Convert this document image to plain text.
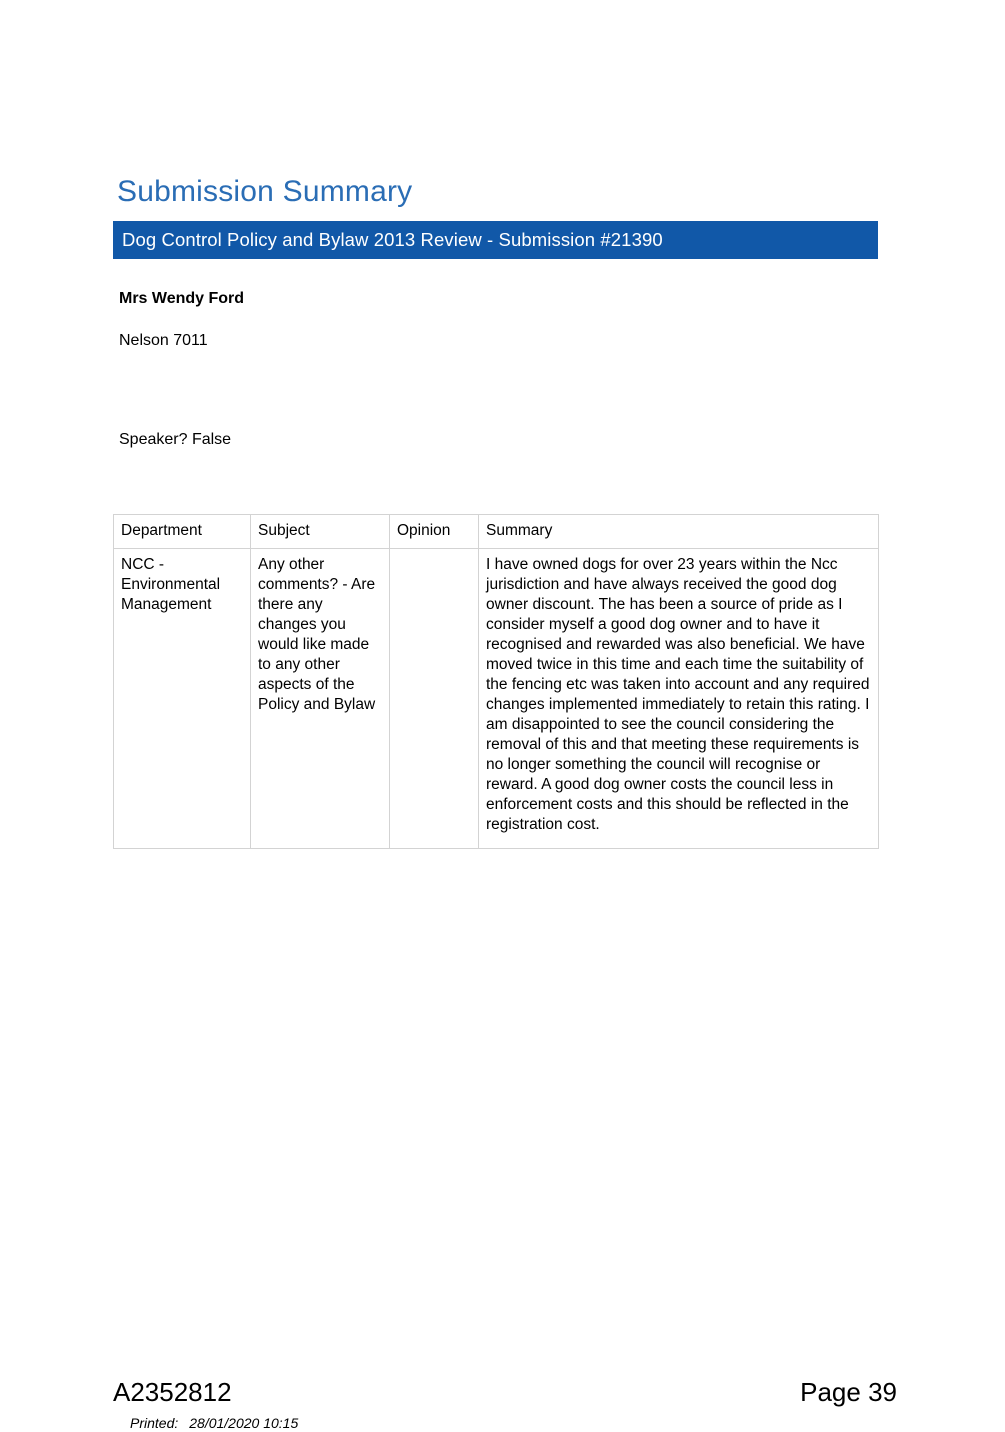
Submission Summary
Dog Control Policy and Bylaw 2013 Review - Submission #21390
Mrs Wendy Ford
Nelson 7011
Speaker? False
Department	Subject	Opinion	Summary
NCC - Environmental Management	Any other comments? - Are there any changes you would like made to any other aspects of the Policy and Bylaw		I have owned dogs for over 23 years within the Ncc jurisdiction and have always received the good dog owner discount. The has been a source of pride as I consider myself a good dog owner and to have it recognised and rewarded was also beneficial. We have moved twice in this time and each time the suitability of the fencing etc was taken into account and any required changes implemented immediately to retain this rating. I am disappointed to see the council considering the removal of this and that meeting these requirements is no longer something the council will recognise or reward. A good dog owner costs the council less in enforcement costs and this should be reflected in the registration cost.
A2352812	Page 39
Printed: 28/01/2020 10:15
